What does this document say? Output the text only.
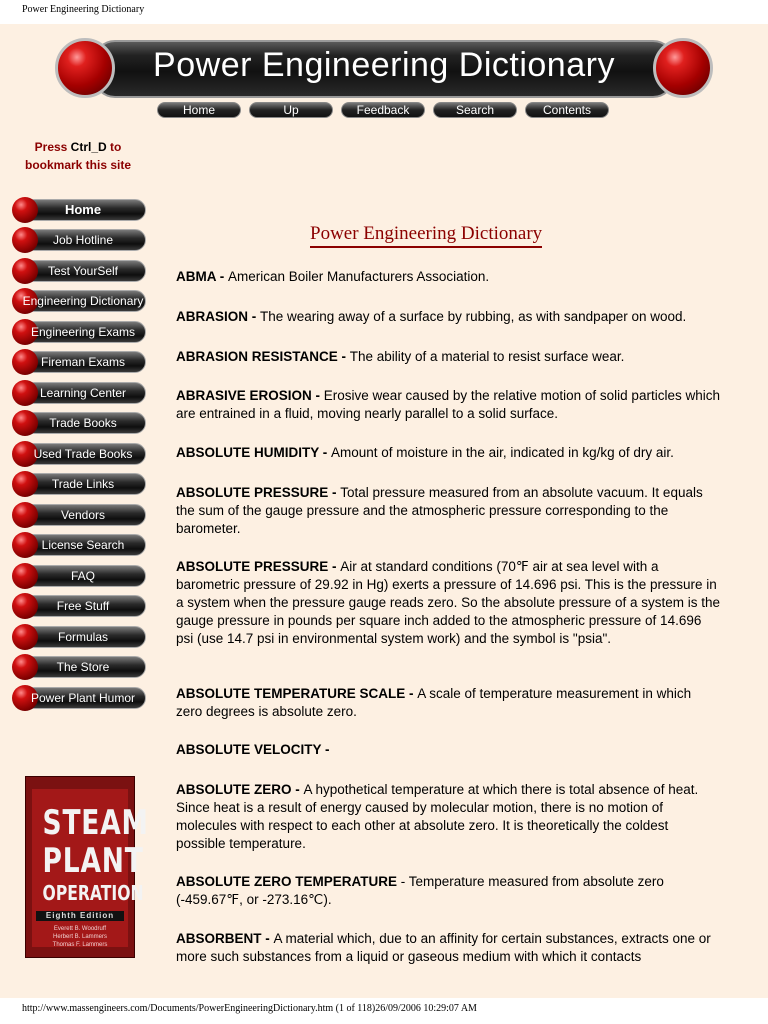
Power Engineering Dictionary
Power Engineering Dictionary
Home	Up	Feedback	Search	Contents
Press Ctrl_D to
bookmark this site
Home
Job Hotline
Test YourSelf
Engineering Dictionary
Engineering Exams
Fireman Exams
Learning Center
Trade Books
Used Trade Books
Trade Links
Vendors
License Search
FAQ
Free Stuff
Formulas
The Store
Power Plant Humor
STEAM
PLANT
OPERATION
Eighth Edition
Everett B. Woodruff
Herbert B. Lammers
Thomas F. Lammers
Power Engineering Dictionary
ABMA - American Boiler Manufacturers Association.
ABRASION - The wearing away of a surface by rubbing, as with sandpaper on wood.
ABRASION RESISTANCE - The ability of a material to resist surface wear.
ABRASIVE EROSION - Erosive wear caused by the relative motion of solid particles which are entrained in a fluid, moving nearly parallel to a solid surface.
ABSOLUTE HUMIDITY - Amount of moisture in the air, indicated in kg/kg of dry air.
ABSOLUTE PRESSURE - Total pressure measured from an absolute vacuum. It equals the sum of the gauge pressure and the atmospheric pressure corresponding to the barometer.
ABSOLUTE PRESSURE - Air at standard conditions (70℉ air at sea level with a barometric pressure of 29.92 in Hg) exerts a pressure of 14.696 psi. This is the pressure in a system when the pressure gauge reads zero. So the absolute pressure of a system is the gauge pressure in pounds per square inch added to the atmospheric pressure of 14.696 psi (use 14.7 psi in environmental system work) and the symbol is "psia".
ABSOLUTE TEMPERATURE SCALE - A scale of temperature measurement in which zero degrees is absolute zero.
ABSOLUTE VELOCITY -
ABSOLUTE ZERO - A hypothetical temperature at which there is total absence of heat. Since heat is a result of energy caused by molecular motion, there is no motion of molecules with respect to each other at absolute zero. It is theoretically the coldest possible temperature.
ABSOLUTE ZERO TEMPERATURE - Temperature measured from absolute zero (-459.67℉, or -273.16℃).
ABSORBENT - A material which, due to an affinity for certain substances, extracts one or more such substances from a liquid or gaseous medium with which it contacts
http://www.massengineers.com/Documents/PowerEngineeringDictionary.htm (1 of 118)26/09/2006 10:29:07 AM
